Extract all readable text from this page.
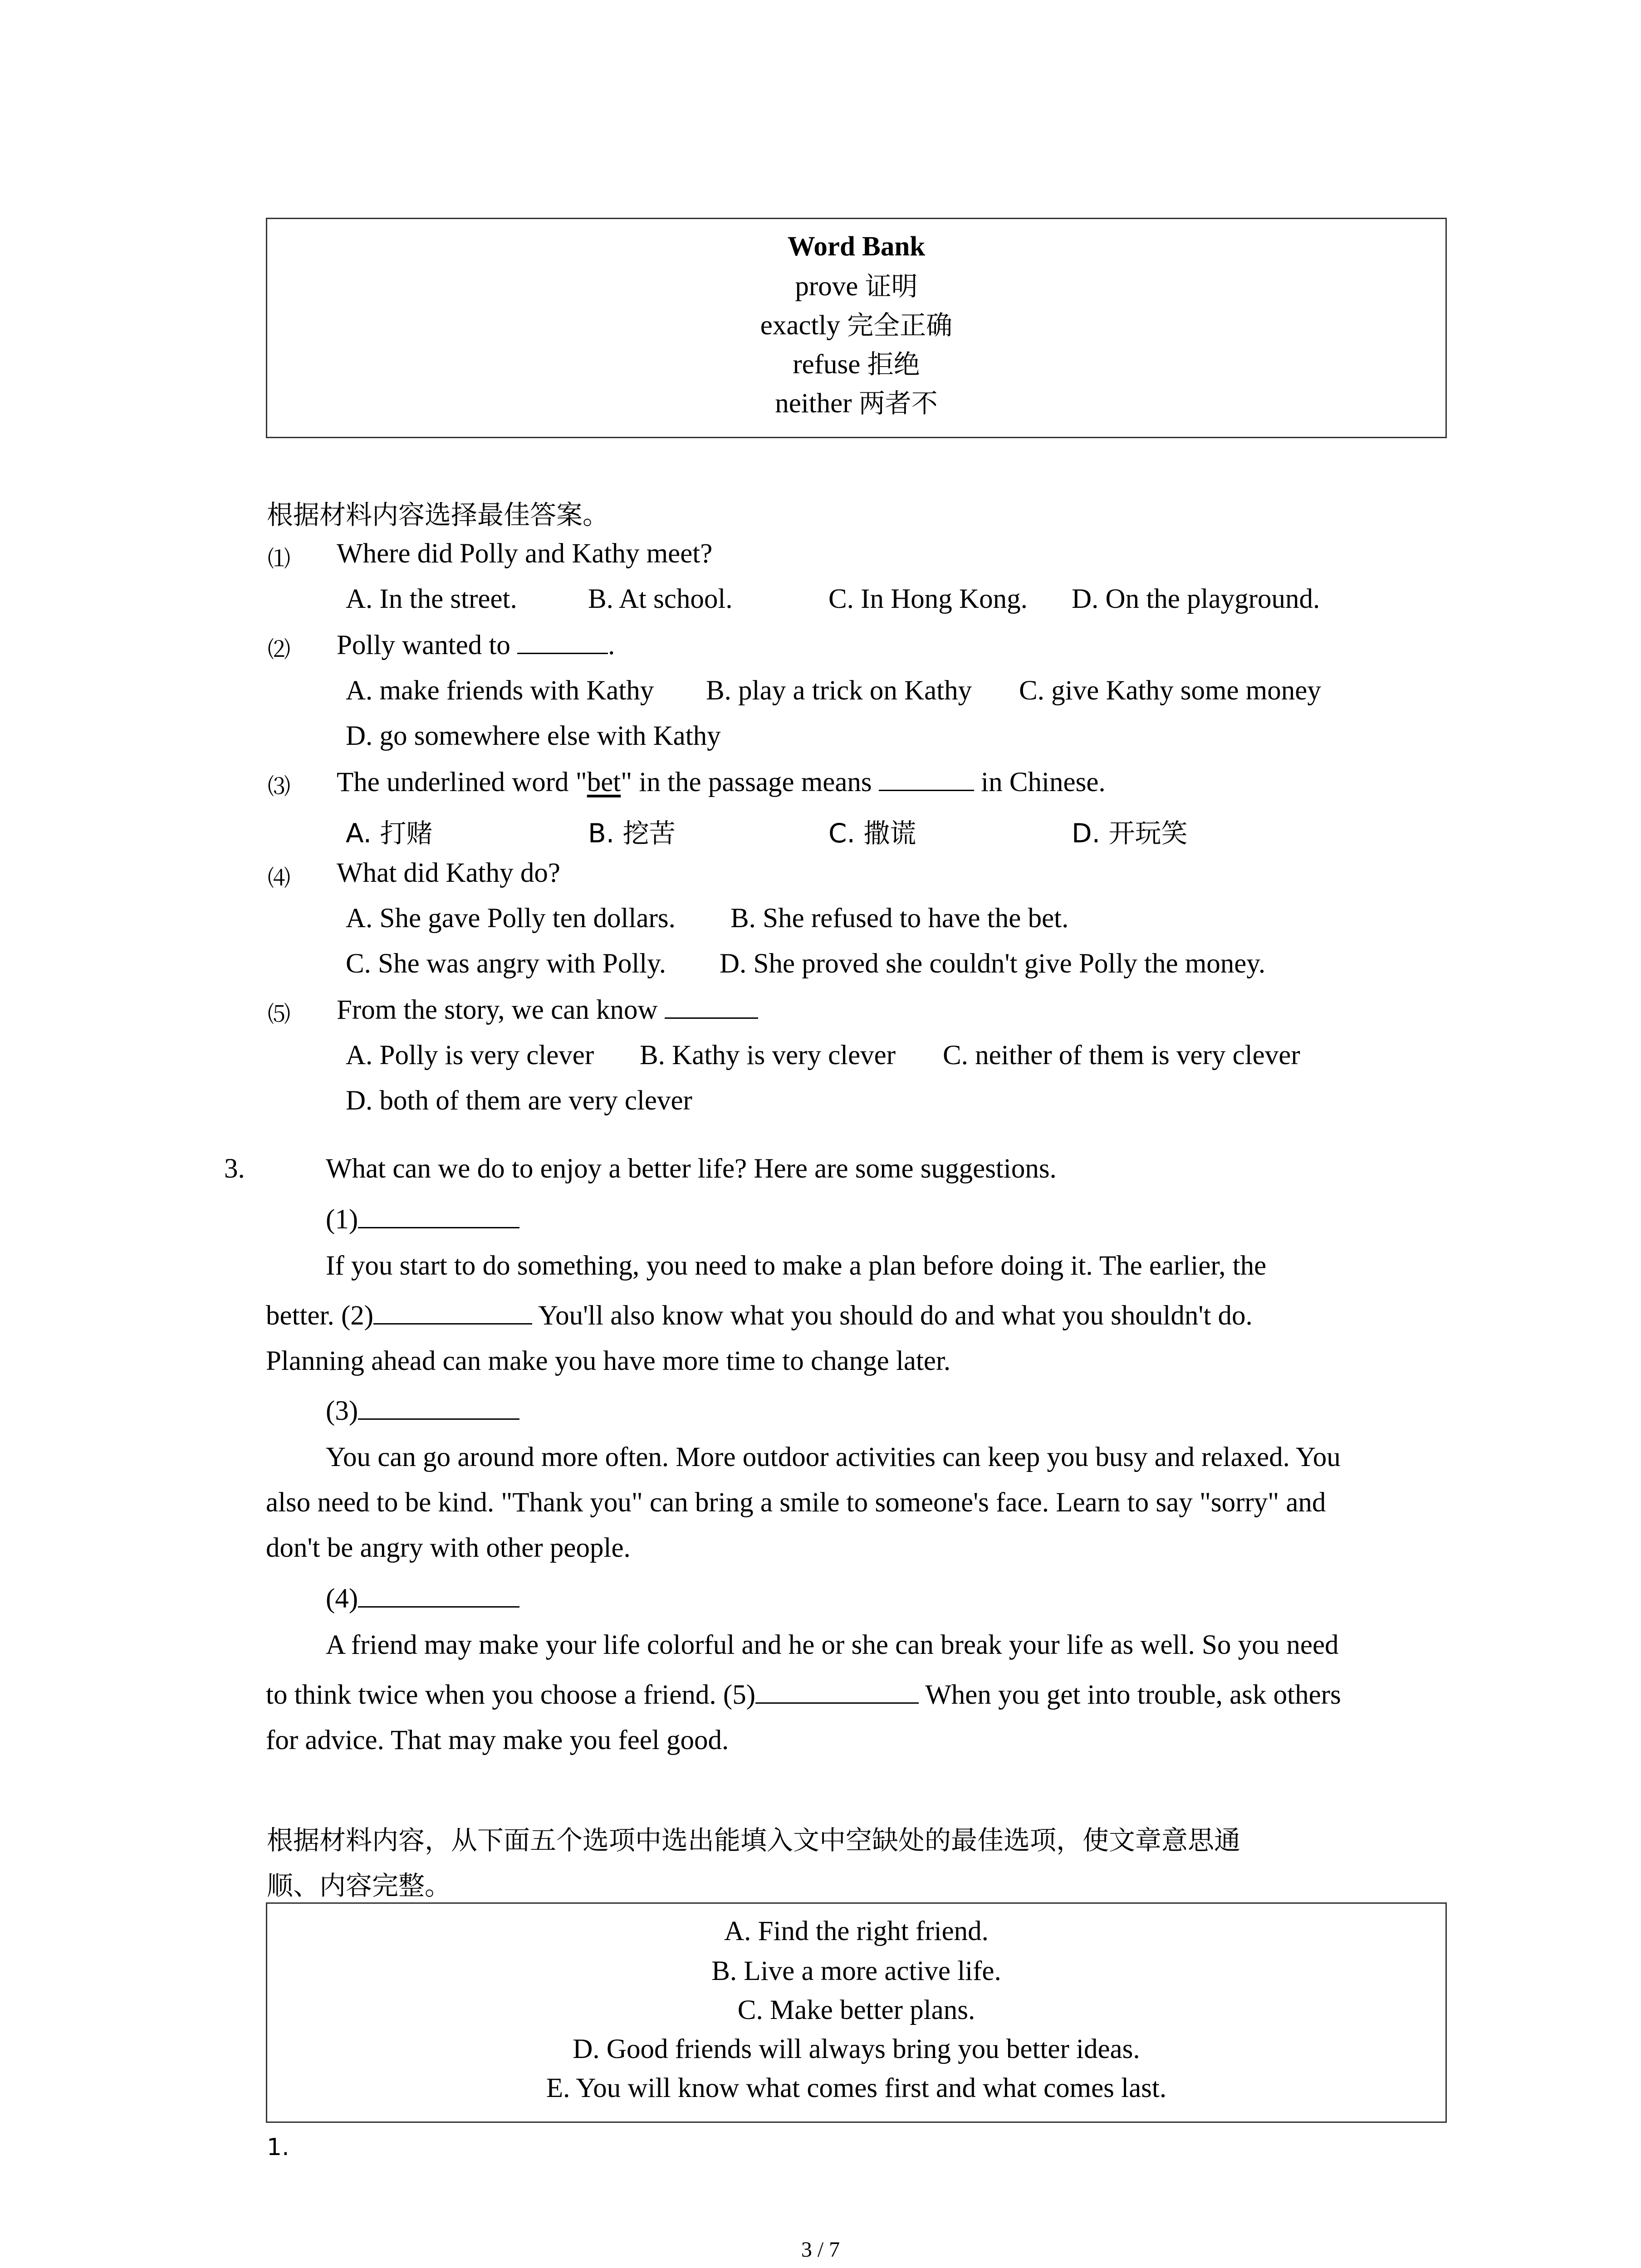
Word Bank
prove 证明
exactly 完全正确
refuse 拒绝
neither 两者不
根据材料内容选择最佳答案。
⑴ Where did Polly and Kathy meet?
A. In the street.	B. At school.	C. In Hong Kong. D. On the playground.
⑵ Polly wanted to	.
A. make friends with Kathy B. play a trick on Kathy C. give Kathy some money
D. go somewhere else with Kathy
⑶ The underlined word "bet" in the passage means	in Chinese.
A. 打赌	B. 挖苦	C. 撒谎	D. 开玩笑
⑷ What did Kathy do?
A. She gave Polly ten dollars. B. She refused to have the bet.
C. She was angry with Polly. D. She proved she couldn't give Polly the money.
⑸ From the story, we can know
A. Polly is very clever B. Kathy is very clever C. neither of them is very clever
D. both of them are very clever
3.	What can we do to enjoy a better life? Here are some suggestions.
(1)
If you start to do something, you need to make a plan before doing it. The earlier, the
better. (2)	You'll also know what you should do and what you shouldn't do.
Planning ahead can make you have more time to change later.
(3)
You can go around more often. More outdoor activities can keep you busy and relaxed. You
also need to be kind. "Thank you" can bring a smile to someone's face. Learn to say "sorry" and
don't be angry with other people.
(4)
A friend may make your life colorful and he or she can break your life as well. So you need
to think twice when you choose a friend. (5)	When you get into trouble, ask others
for advice. That may make you feel good.
根据材料内容，从下面五个选项中选出能填入文中空缺处的最佳选项，使文章意思通
顺、内容完整。
A. Find the right friend.
B. Live a more active life.
C. Make better plans.
D. Good friends will always bring you better ideas.
E. You will know what comes first and what comes last.
1.
3 / 7
